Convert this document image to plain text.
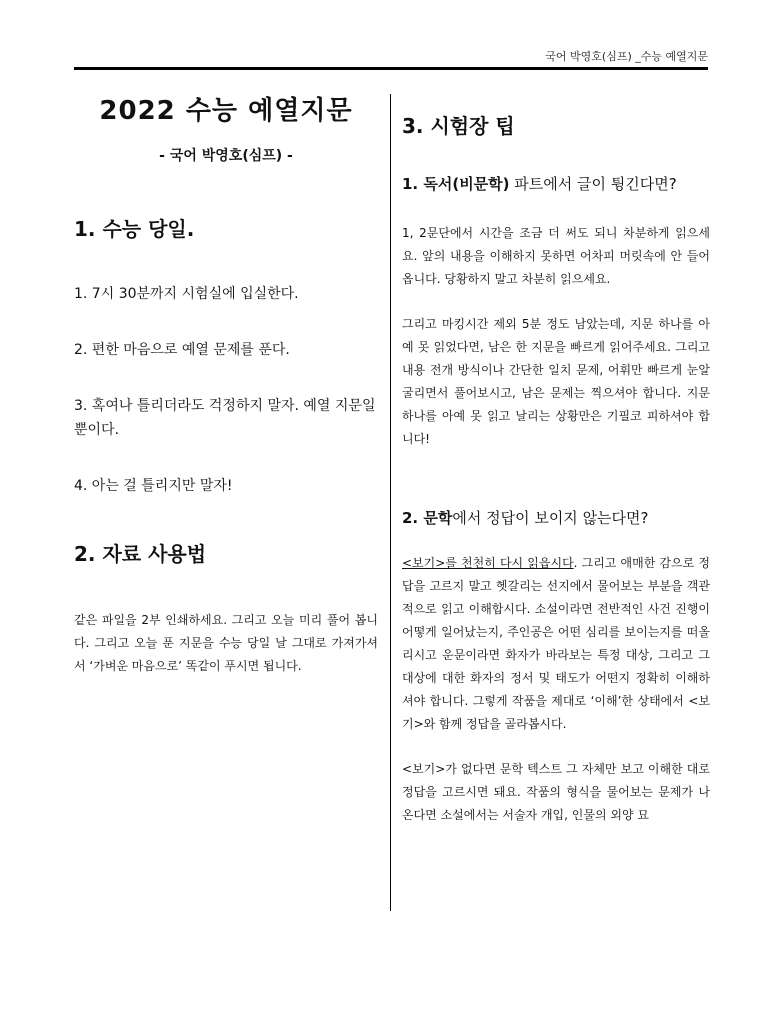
국어 박영호(심프) _수능 예열지문
2022 수능 예열지문
- 국어 박영호(심프) -
1. 수능 당일.

1. 7시 30분까지 시험실에 입실한다.

2. 편한 마음으로 예열 문제를 푼다.

3. 혹여나 틀리더라도 걱정하지 말자. 예열 지문일 뿐이다.

4. 아는 걸 틀리지만 말자!

2. 자료 사용법

같은 파일을 2부 인쇄하세요. 그리고 오늘 미리 풀어 봅니다. 그리고 오늘 푼 지문을 수능 당일 날 그대로 가져가셔서 ‘가벼운 마음으로’ 똑같이 푸시면 됩니다.

3. 시험장 팁

1. 독서(비문학) 파트에서 글이 튕긴다면?

1, 2문단에서 시간을 조금 더 써도 되니 차분하게 읽으세요. 앞의 내용을 이해하지 못하면 어차피 머릿속에 안 들어옵니다. 당황하지 말고 차분히 읽으세요.

그리고 마킹시간 제외 5분 정도 남았는데, 지문 하나를 아예 못 읽었다면, 남은 한 지문을 빠르게 읽어주세요. 그리고 내용 전개 방식이나 간단한 일치 문제, 어휘만 빠르게 눈알 굴리면서 풀어보시고, 남은 문제는 찍으셔야 합니다. 지문 하나를 아예 못 읽고 날리는 상황만은 기필코 피하셔야 합니다!

2. 문학에서 정답이 보이지 않는다면?

<보기>를 천천히 다시 읽읍시다. 그리고 애매한 감으로 정답을 고르지 말고 헷갈리는 선지에서 물어보는 부분을 객관적으로 읽고 이해합시다. 소설이라면 전반적인 사건 진행이 어떻게 일어났는지, 주인공은 어떤 심리를 보이는지를 떠올리시고 운문이라면 화자가 바라보는 특정 대상, 그리고 그 대상에 대한 화자의 정서 및 태도가 어떤지 정확히 이해하셔야 합니다. 그렇게 작품을 제대로 ‘이해’한 상태에서 <보기>와 함께 정답을 골라봅시다.

<보기>가 없다면 문학 텍스트 그 자체만 보고 이해한 대로 정답을 고르시면 돼요. 작품의 형식을 물어보는 문제가 나온다면 소설에서는 서술자 개입, 인물의 외양 묘
